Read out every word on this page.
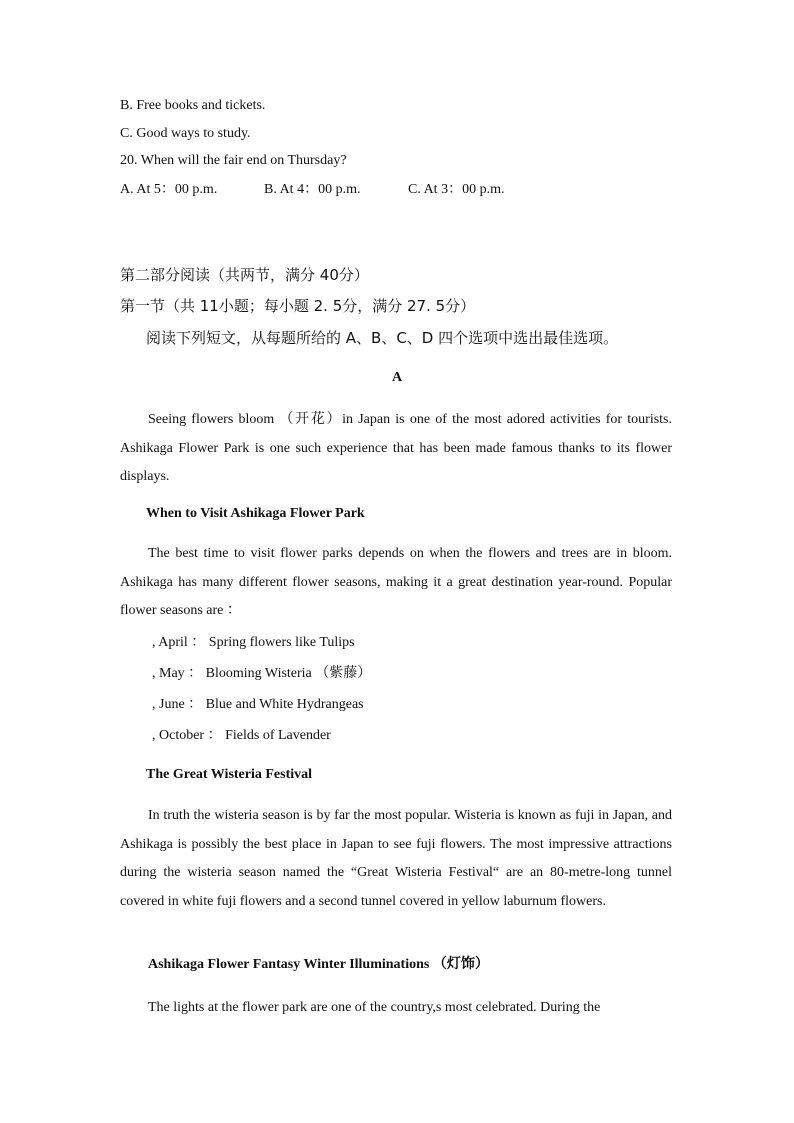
B. Free books and tickets.
C. Good ways to study.
20. When will the fair end on Thursday?
A. At 5：00 p.m.	B. At 4：00 p.m.	C. At 3：00 p.m.
第二部分阅读（共两节，满分 40分）
第一节（共 11小题；每小题 2. 5分，满分 27. 5分）
阅读下列短文，从每题所给的 A、B、C、D 四个选项中选出最佳选项。
A

Seeing flowers bloom （开花）in Japan is one of the most adored activities for tourists. Ashikaga Flower Park is one such experience that has been made famous thanks to its flower displays.

When to Visit Ashikaga Flower Park

The best time to visit flower parks depends on when the flowers and trees are in bloom. Ashikaga has many different flower seasons, making it a great destination year-round. Popular flower seasons are ：

, April ： Spring flowers like Tulips
, May ： Blooming Wisteria （紫藤）
, June ： Blue and White Hydrangeas
, October ： Fields of Lavender
The Great Wisteria Festival

In truth the wisteria season is by far the most popular. Wisteria is known as fuji in Japan, and Ashikaga is possibly the best place in Japan to see fuji flowers. The most impressive attractions during the wisteria season named the “Great Wisteria Festival“ are an 80-metre-long tunnel covered in white fuji flowers and a second tunnel covered in yellow laburnum flowers.

Ashikaga Flower Fantasy Winter Illuminations （灯饰）

The lights at the flower park are one of the country,s most celebrated. During the
